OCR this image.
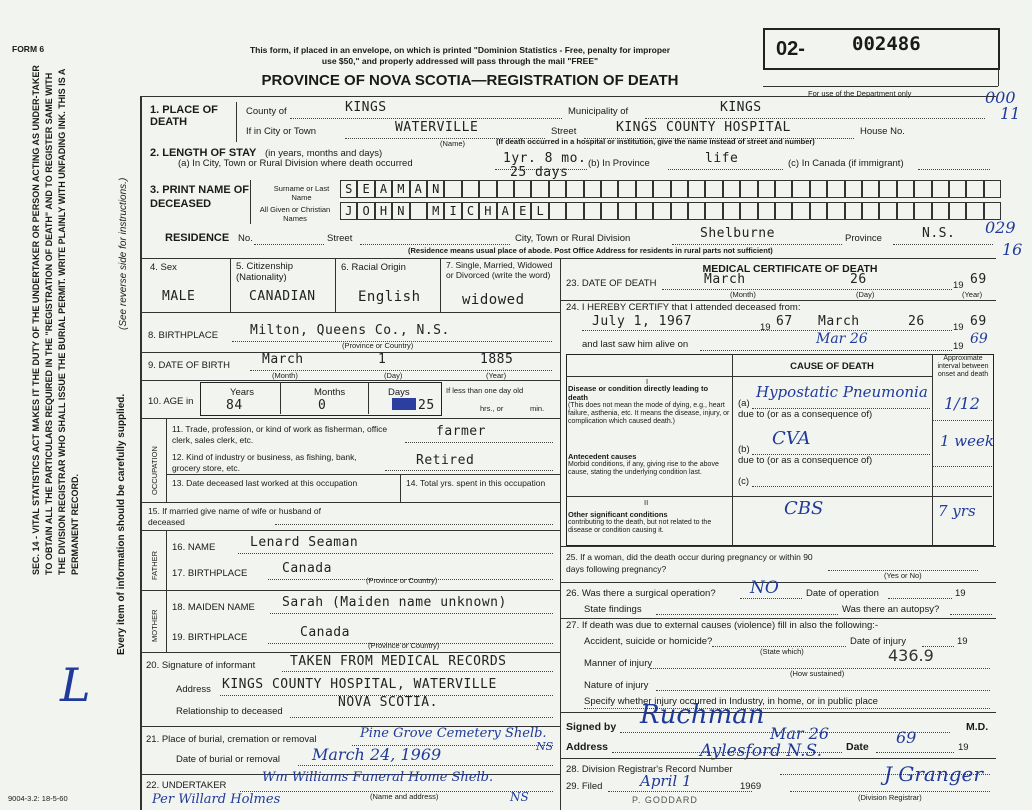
FORM 6
SEC. 14 - VITAL STATISTICS ACT MAKES IT THE DUTY OF THE UNDERTAKER OR PERSON ACTING AS UNDER-TAKER TO OBTAIN ALL THE PARTICULARS REQUIRED IN THE "REGISTRATION OF DEATH" AND TO REGISTER SAME WITH THE DIVISION REGISTRAR WHO SHALL ISSUE THE BURIAL PERMIT. WRITE PLAINLY WITH UNFADING INK. THIS IS A PERMANENT RECORD.	Every item of information should be carefully supplied.
(See reverse side for instructions.)
L
9004-3.2: 18-5-60
This form, if placed in an envelope, on which is printed "Dominion Statistics - Free, penalty for improper
use $50," and properly addressed will pass through the mail "FREE"
PROVINCE OF NOVA SCOTIA—REGISTRATION OF DEATH
02- 002486
For use of the Department only	000
11
1. PLACE OF DEATH
County of	KINGS	Municipality of	KINGS
If in City or Town	WATERVILLE
(Name)
Street	KINGS COUNTY HOSPITAL	House No.
(If death occurred in a hospital or institution, give the name instead of street and number)
2. LENGTH OF STAY (in years, months and days)
(a) In City, Town or Rural Division where death occurred	1yr. 8 mo.
25 days
(b) In Province	life	(c) In Canada (if immigrant)
3. PRINT NAME OF DECEASED
Surname or Last Name
All Given or Christian Names
S E A M A N
J O H N	M I C H A E L
RESIDENCE No.	Street	City, Town or Rural Division	Shelburne	Province	N.S.
(Residence means usual place of abode. Post Office Address for residents in rural parts not sufficient)
029
16
4. Sex
MALE
5. Citizenship (Nationality)
CANADIAN
6. Racial Origin
English
7. Single, Married, Widowed or Divorced (write the word)
widowed
8. BIRTHPLACE Milton, Queens Co., N.S.
(Province or Country)
9. DATE OF BIRTH March	1	1885
(Month)	(Day)	(Year)
10. AGE in
Years	Months	Days
84	0	25
If less than one day old
hrs., or	min.
OCCUPATION
11. Trade, profession, or kind of work as fisherman, office clerk, sales clerk, etc.
farmer
12. Kind of industry or business, as fishing, bank, grocery store, etc.	Retired
13. Date deceased last worked at this occupation	14. Total yrs. spent in this occupation
15. If married give name of wife or husband of deceased
FATHER
16. NAME	Lenard Seaman
17. BIRTHPLACE	Canada
(Province or Country)
MOTHER
18. MAIDEN NAME Sarah (Maiden name unknown)
19. BIRTHPLACE	Canada
(Province or Country)
20. Signature of informant	TAKEN FROM MEDICAL RECORDS
Address KINGS COUNTY HOSPITAL, WATERVILLE
NOVA SCOTIA.
Relationship to deceased
21. Place of burial, cremation or removal	Pine Grove Cemetery Shelb.
NS
Date of burial or removal March 24, 1969
22. UNDERTAKER
Wm Williams Funeral Home Shelb.
Per Willard Holmes	(Name and address)	NS
MEDICAL CERTIFICATE OF DEATH
23. DATE OF DEATH	March	26	19 69
(Month)	(Day)	(Year)
24. I HEREBY CERTIFY that I attended deceased from:
July 1, 1967	19 67 March	26	19 69
and last saw him alive on	Mar 26	19 69
CAUSE OF DEATH
Approximate interval between onset and death
I
Disease or condition directly leading to death
(This does not mean the mode of dying, e.g., heart failure, asthenia, etc. It means the disease, injury, or complication which caused death.)
(a)
Hypostatic Pneumonia
1/12
due to (or as a consequence of)
Antecedent causes
Morbid conditions, if any, giving rise to the above cause, stating the underlying condition last.
(b)
CVA	1 week
due to (or as a consequence of)
(c)
II
Other significant conditions
contributing to the death, but not related to the disease or condition causing it.
CBS	7 yrs
25. If a woman, did the death occur during pregnancy or within 90 days following pregnancy?
(Yes or No)
26. Was there a surgical operation? NO	Date of operation	19
State findings	Was there an autopsy?
27. If death was due to external causes (violence) fill in also the following:-
Accident, suicide or homicide?	Date of injury	19
(State which)
Manner of injury	436.9
(How sustained)
Nature of injury
Specify whether injury occurred in Industry, in home, or in public place
Signed by Ruchman	M.D.
Address	Aylesford N.S. Date
Mar 26
19
69
28. Division Registrar's Record Number
29. Filed	April 1	1969
J Granger
(Division Registrar)
P. GODDARD
